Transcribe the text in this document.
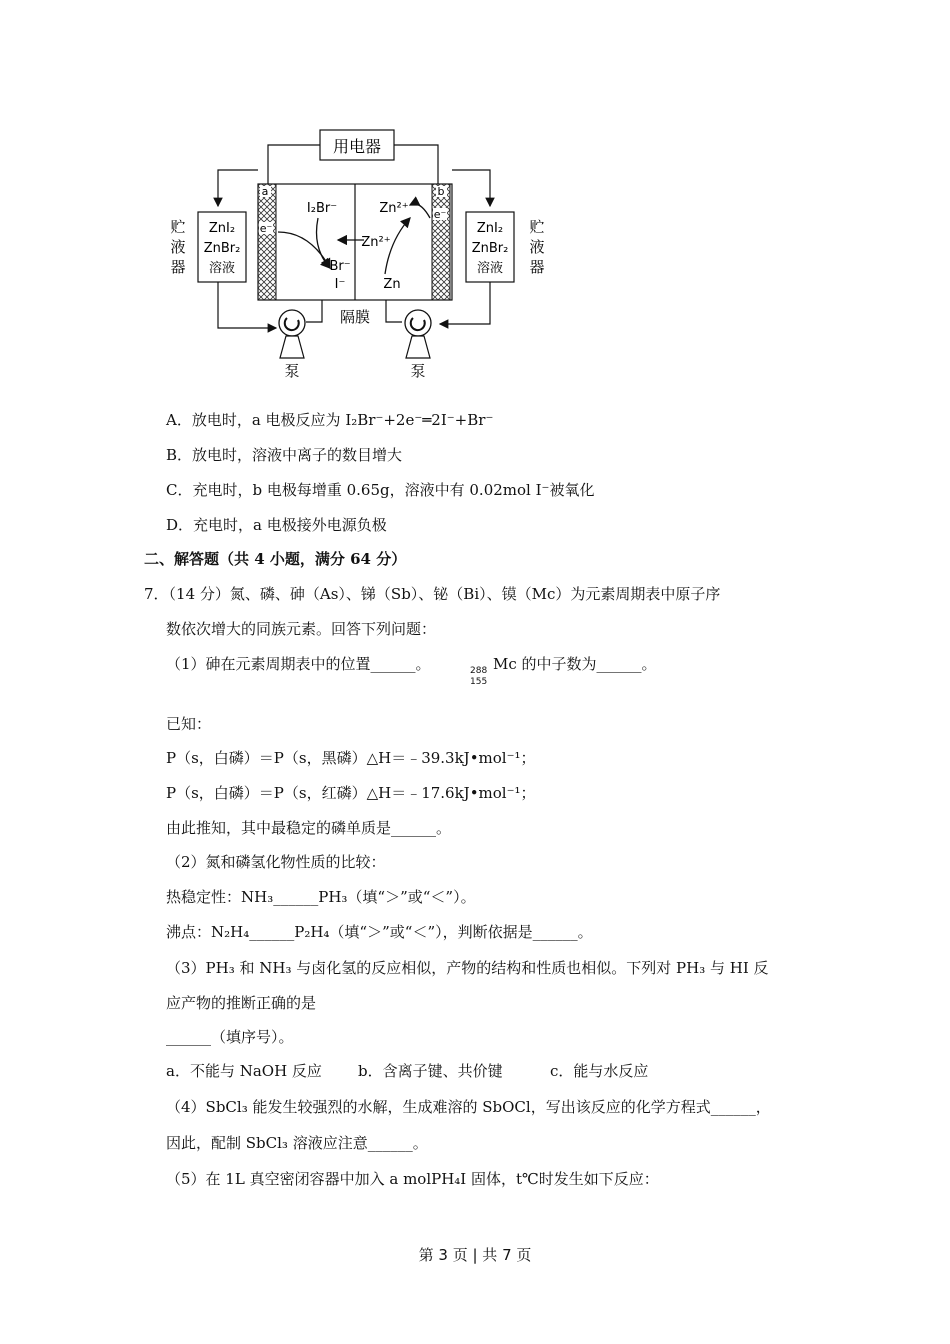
用电器
a	b
e⁻
e⁻
I₂Br⁻
Br⁻
I⁻
Zn²⁺
Zn²⁺
Zn
ZnI₂
ZnBr₂
溶液
ZnI₂
ZnBr₂
溶液
贮
液
器
贮
液
器
隔膜
泵	泵
A．放电时，a 电极反应为 I₂Br⁻+2e⁻═2I⁻+Br⁻
B．放电时，溶液中离子的数目增大
C．充电时，b 电极每增重 0.65g，溶液中有 0.02mol I⁻被氧化
D．充电时，a 电极接外电源负极
二、解答题（共 4 小题，满分 64 分）
7．（14 分）氮、磷、砷（As）、锑（Sb）、铋（Bi）、镆（Mc）为元素周期表中原子序
数依次增大的同族元素。回答下列问题：
（1）砷在元素周期表中的位置______。	288
155
Mc 的中子数为______。
已知：
P（s，白磷）＝P（s，黑磷）△H＝﹣39.3kJ•mol⁻¹；
P（s，白磷）＝P（s，红磷）△H＝﹣17.6kJ•mol⁻¹；
由此推知，其中最稳定的磷单质是______。
（2）氮和磷氢化物性质的比较：
热稳定性：NH₃______PH₃（填“＞”或“＜”）。
沸点：N₂H₄______P₂H₄（填“＞”或“＜”），判断依据是______。
（3）PH₃ 和 NH₃ 与卤化氢的反应相似，产物的结构和性质也相似。下列对 PH₃ 与 HI 反
应产物的推断正确的是
______（填序号）。
a．不能与 NaOH 反应 b．含离子键、共价键	c．能与水反应
（4）SbCl₃ 能发生较强烈的水解，生成难溶的 SbOCl，写出该反应的化学方程式______，
因此，配制 SbCl₃ 溶液应注意______。
（5）在 1L 真空密闭容器中加入 a molPH₄I 固体，t℃时发生如下反应：
第 3 页 | 共 7 页
